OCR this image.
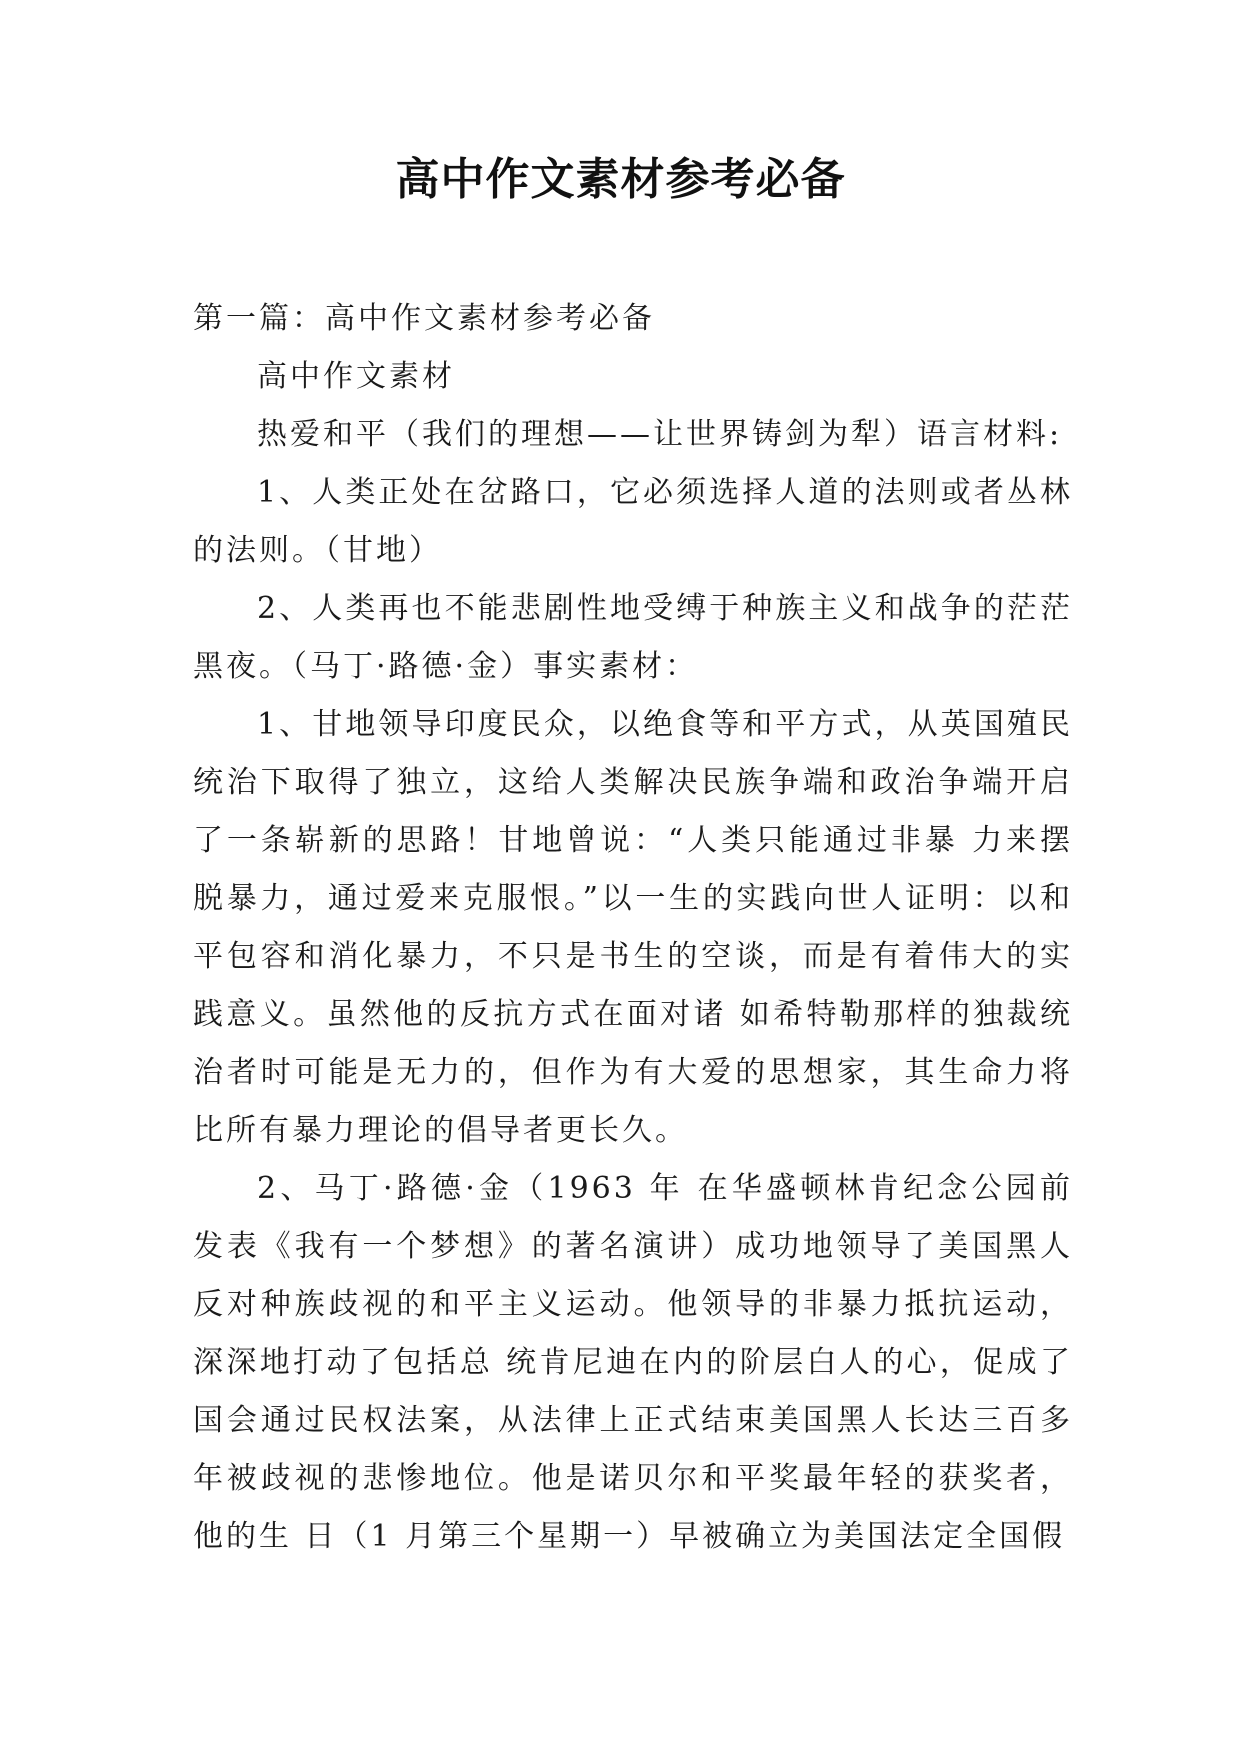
高中作文素材参考必备

第一篇：高中作文素材参考必备

高中作文素材

热爱和平（我们的理想——让世界铸剑为犁）语言材料:

1、人类正处在岔路口，它必须选择人道的法则或者丛林的法则。（甘地）

2、人类再也不能悲剧性地受缚于种族主义和战争的茫茫黑夜。（马丁·路德·金）事实素材：

1、甘地领导印度民众，以绝食等和平方式，从英国殖民统治下取得了独立，这给人类解决民族争端和政治争端开启了一条崭新的思路！甘地曾说：“人类只能通过非暴 力来摆脱暴力，通过爱来克服恨。”以一生的实践向世人证明：以和平包容和消化暴力，不只是书生的空谈，而是有着伟大的实践意义。虽然他的反抗方式在面对诸 如希特勒那样的独裁统治者时可能是无力的，但作为有大爱的思想家，其生命力将比所有暴力理论的倡导者更长久。

2、马丁·路德·金（1963 年 在华盛顿林肯纪念公园前发表《我有一个梦想》的著名演讲）成功地领导了美国黑人反对种族歧视的和平主义运动。他领导的非暴力抵抗运动，深深地打动了包括总 统肯尼迪在内的阶层白人的心，促成了国会通过民权法案，从法律上正式结束美国黑人长达三百多年被歧视的悲惨地位。他是诺贝尔和平奖最年轻的获奖者，他的生 日（1 月第三个星期一）早被确立为美国法定全国假
